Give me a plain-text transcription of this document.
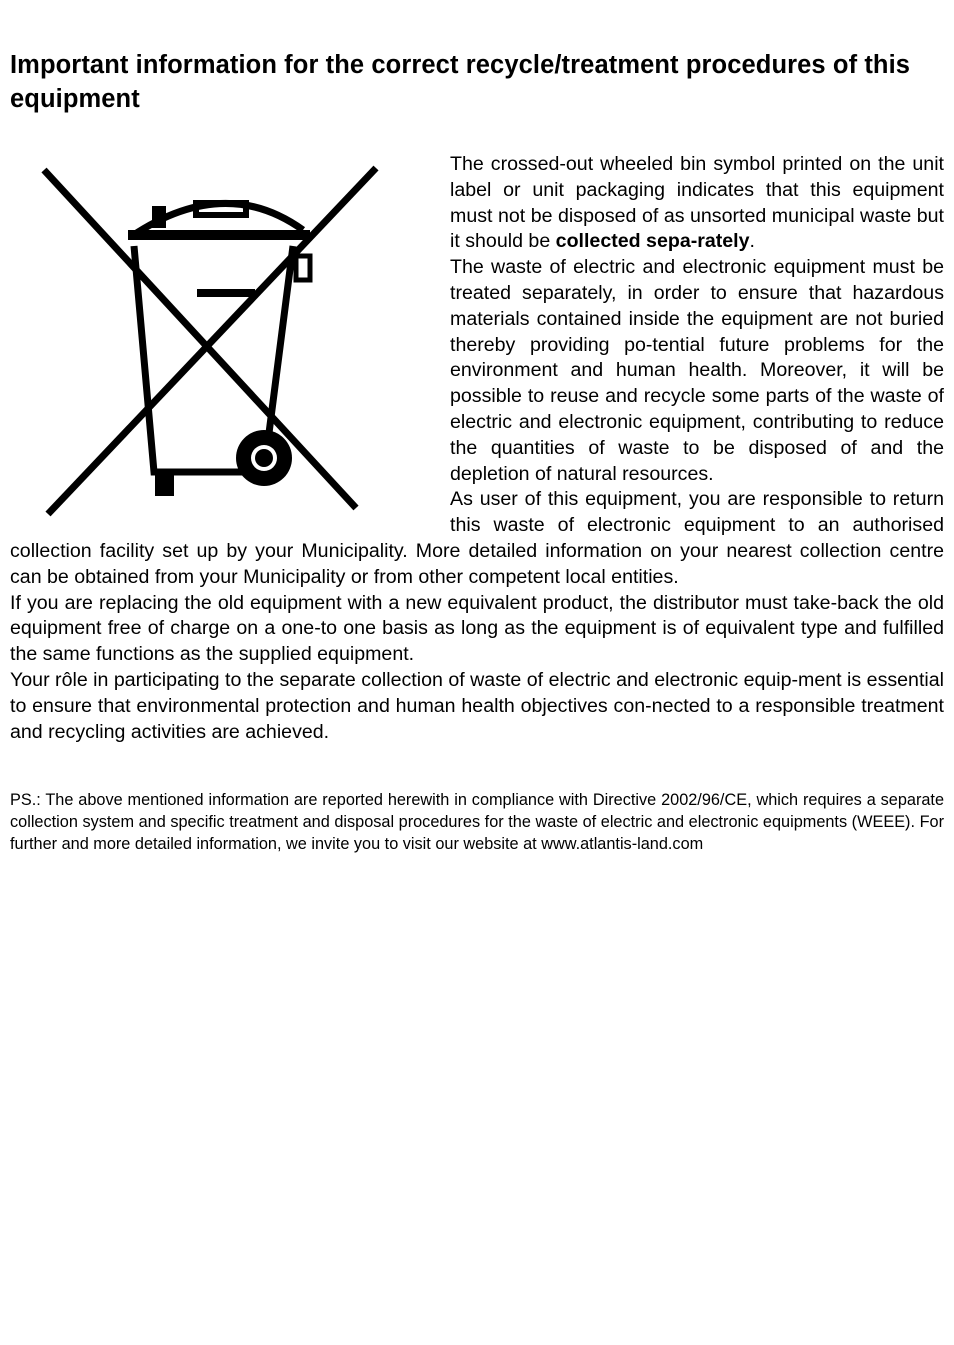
Important information for the correct recycle/treatment procedures of this equipment

The crossed-out wheeled bin symbol printed on the unit label or unit packaging indicates that this equipment must not be disposed of as unsorted municipal waste but it should be collected sepa-rately.

The waste of electric and electronic equipment must be treated separately, in order to ensure that hazardous materials contained inside the equipment are not buried thereby providing po-tential future problems for the environment and human health. Moreover, it will be possible to reuse and recycle some parts of the waste of electric and electronic equipment, contributing to reduce the quantities of waste to be disposed of and the depletion of natural resources.

As user of this equipment, you are responsible to return this waste of electronic equipment to an authorised collection facility set up by your Municipality. More detailed information on your nearest collection centre can be obtained from your Municipality or from other competent local entities.

If you are replacing the old equipment with a new equivalent product, the distributor must take-back the old equipment free of charge on a one-to one basis as long as the equipment is of equivalent type and fulfilled the same functions as the supplied equipment.

Your rôle in participating to the separate collection of waste of electric and electronic equip-ment is essential to ensure that environmental protection and human health objectives con-nected to a responsible treatment and recycling activities are achieved.

PS.: The above mentioned information are reported herewith in compliance with Directive 2002/96/CE, which requires a separate collection system and specific treatment and disposal procedures for the waste of electric and electronic equipments (WEEE). For further and more detailed information, we invite you to visit our website at www.atlantis-land.com
